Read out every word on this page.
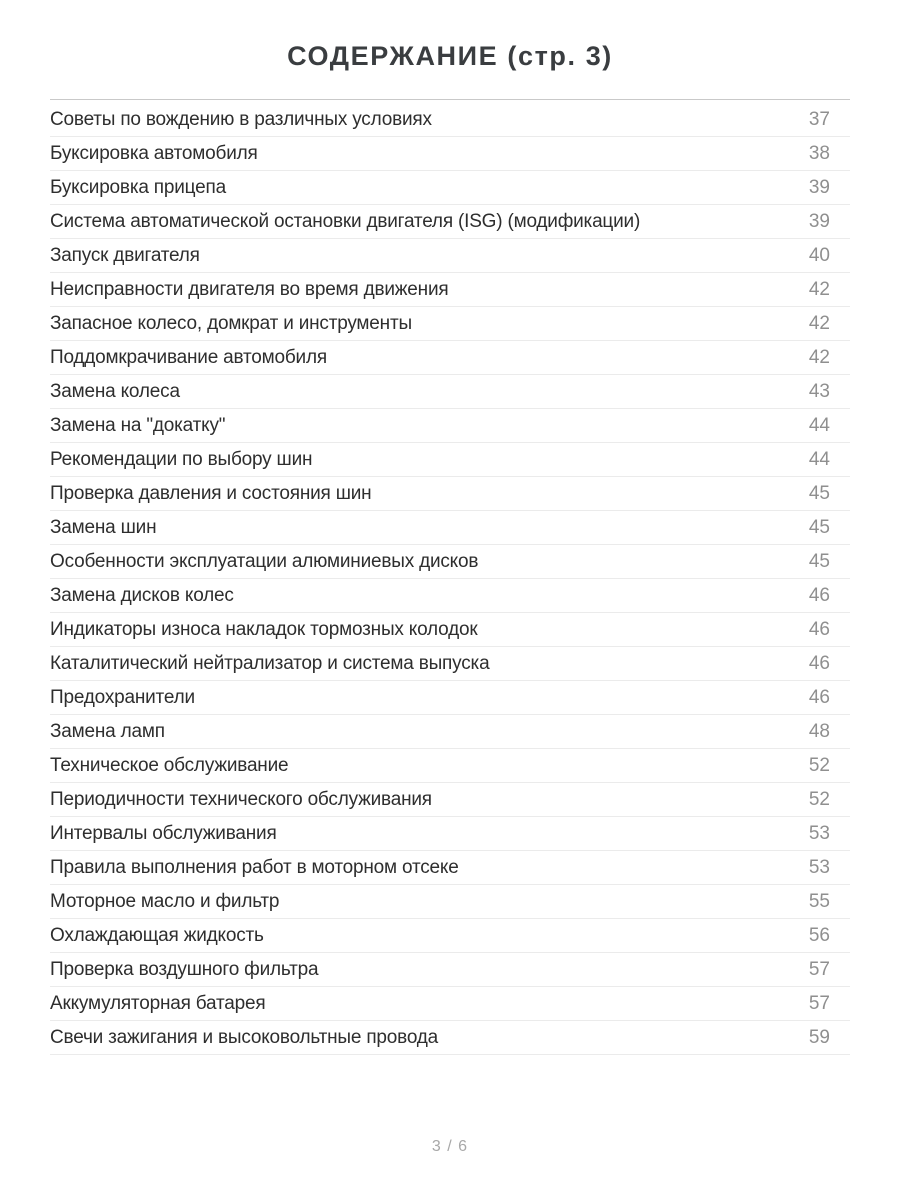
СОДЕРЖАНИЕ (стр. 3)
Советы по вождению в различных условиях	37
Буксировка автомобиля	38
Буксировка прицепа	39
Система автоматической остановки двигателя (ISG) (модификации)	39
Запуск двигателя	40
Неисправности двигателя во время движения	42
Запасное колесо, домкрат и инструменты	42
Поддомкрачивание автомобиля	42
Замена колеса	43
Замена на "докатку"	44
Рекомендации по выбору шин	44
Проверка давления и состояния шин	45
Замена шин	45
Особенности эксплуатации алюминиевых дисков	45
Замена дисков колес	46
Индикаторы износа накладок тормозных колодок	46
Каталитический нейтрализатор и система выпуска	46
Предохранители	46
Замена ламп	48
Техническое обслуживание	52
Периодичности технического обслуживания	52
Интервалы обслуживания	53
Правила выполнения работ в моторном отсеке	53
Моторное масло и фильтр	55
Охлаждающая жидкость	56
Проверка воздушного фильтра	57
Аккумуляторная батарея	57
Свечи зажигания и высоковольтные провода	59
3 / 6
